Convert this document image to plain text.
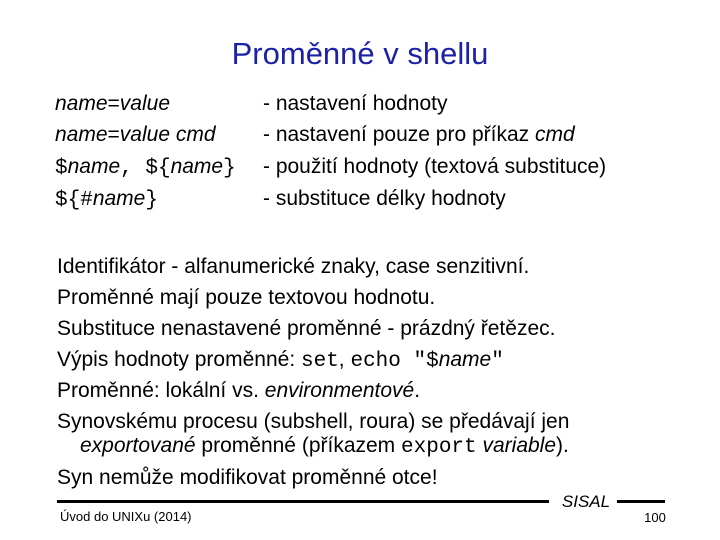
Proměnné v shellu
name=value	- nastavení hodnoty
name=value cmd - nastavení pouze pro příkaz cmd
$name, ${name} - použití hodnoty (textová substituce)
${#name}	- substituce délky hodnoty
Identifikátor - alfanumerické znaky, case senzitivní.
Proměnné mají pouze textovou hodnotu.
Substituce nenastavené proměnné - prázdný řetězec.
Výpis hodnoty proměnné: set, echo "$name"
Proměnné: lokální vs. environmentové.
Synovskému procesu (subshell, roura) se předávají jen
exportované proměnné (příkazem export variable).
Syn nemůže modifikovat proměnné otce!
Úvod do UNIXu (2014)
SISAL
100
